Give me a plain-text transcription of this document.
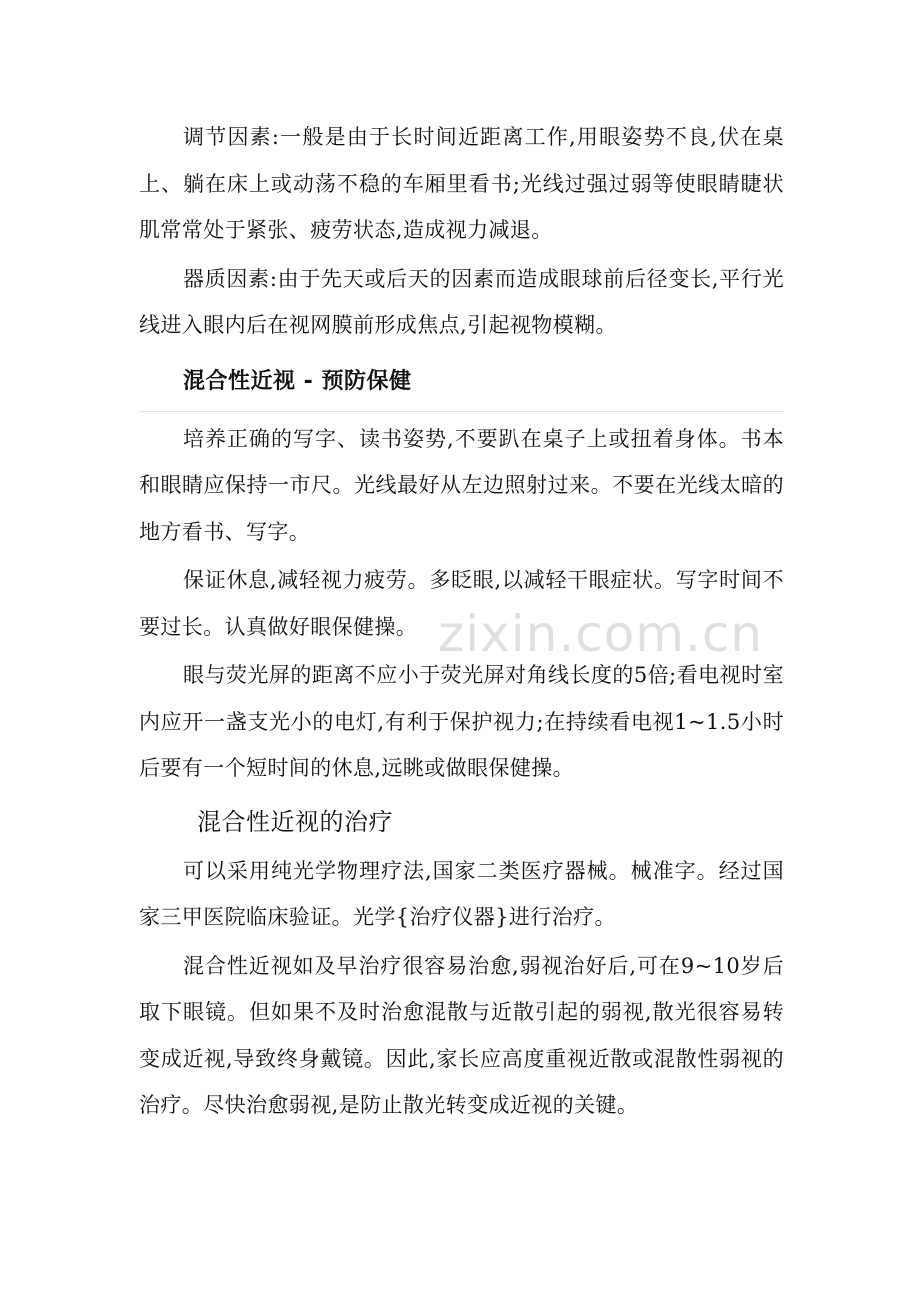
调节因素:一般是由于长时间近距离工作,用眼姿势不良,伏在桌上、躺在床上或动荡不稳的车厢里看书;光线过强过弱等使眼睛睫状肌常常处于紧张、疲劳状态,造成视力减退。

器质因素:由于先天或后天的因素而造成眼球前后径变长,平行光线进入眼内后在视网膜前形成焦点,引起视物模糊。

混合性近视 - 预防保健

培养正确的写字、读书姿势,不要趴在桌子上或扭着身体。书本和眼睛应保持一市尺。光线最好从左边照射过来。不要在光线太暗的地方看书、写字。

保证休息,减轻视力疲劳。多眨眼,以减轻干眼症状。写字时间不要过长。认真做好眼保健操。

眼与荧光屏的距离不应小于荧光屏对角线长度的5倍;看电视时室内应开一盏支光小的电灯,有利于保护视力;在持续看电视1~1.5小时后要有一个短时间的休息,远眺或做眼保健操。

混合性近视的治疗

可以采用纯光学物理疗法,国家二类医疗器械。械准字。经过国家三甲医院临床验证。光学{治疗仪器}进行治疗。

混合性近视如及早治疗很容易治愈,弱视治好后,可在9~10岁后取下眼镜。但如果不及时治愈混散与近散引起的弱视,散光很容易转变成近视,导致终身戴镜。因此,家长应高度重视近散或混散性弱视的治疗。尽快治愈弱视,是防止散光转变成近视的关键。

zixin.com.cn
